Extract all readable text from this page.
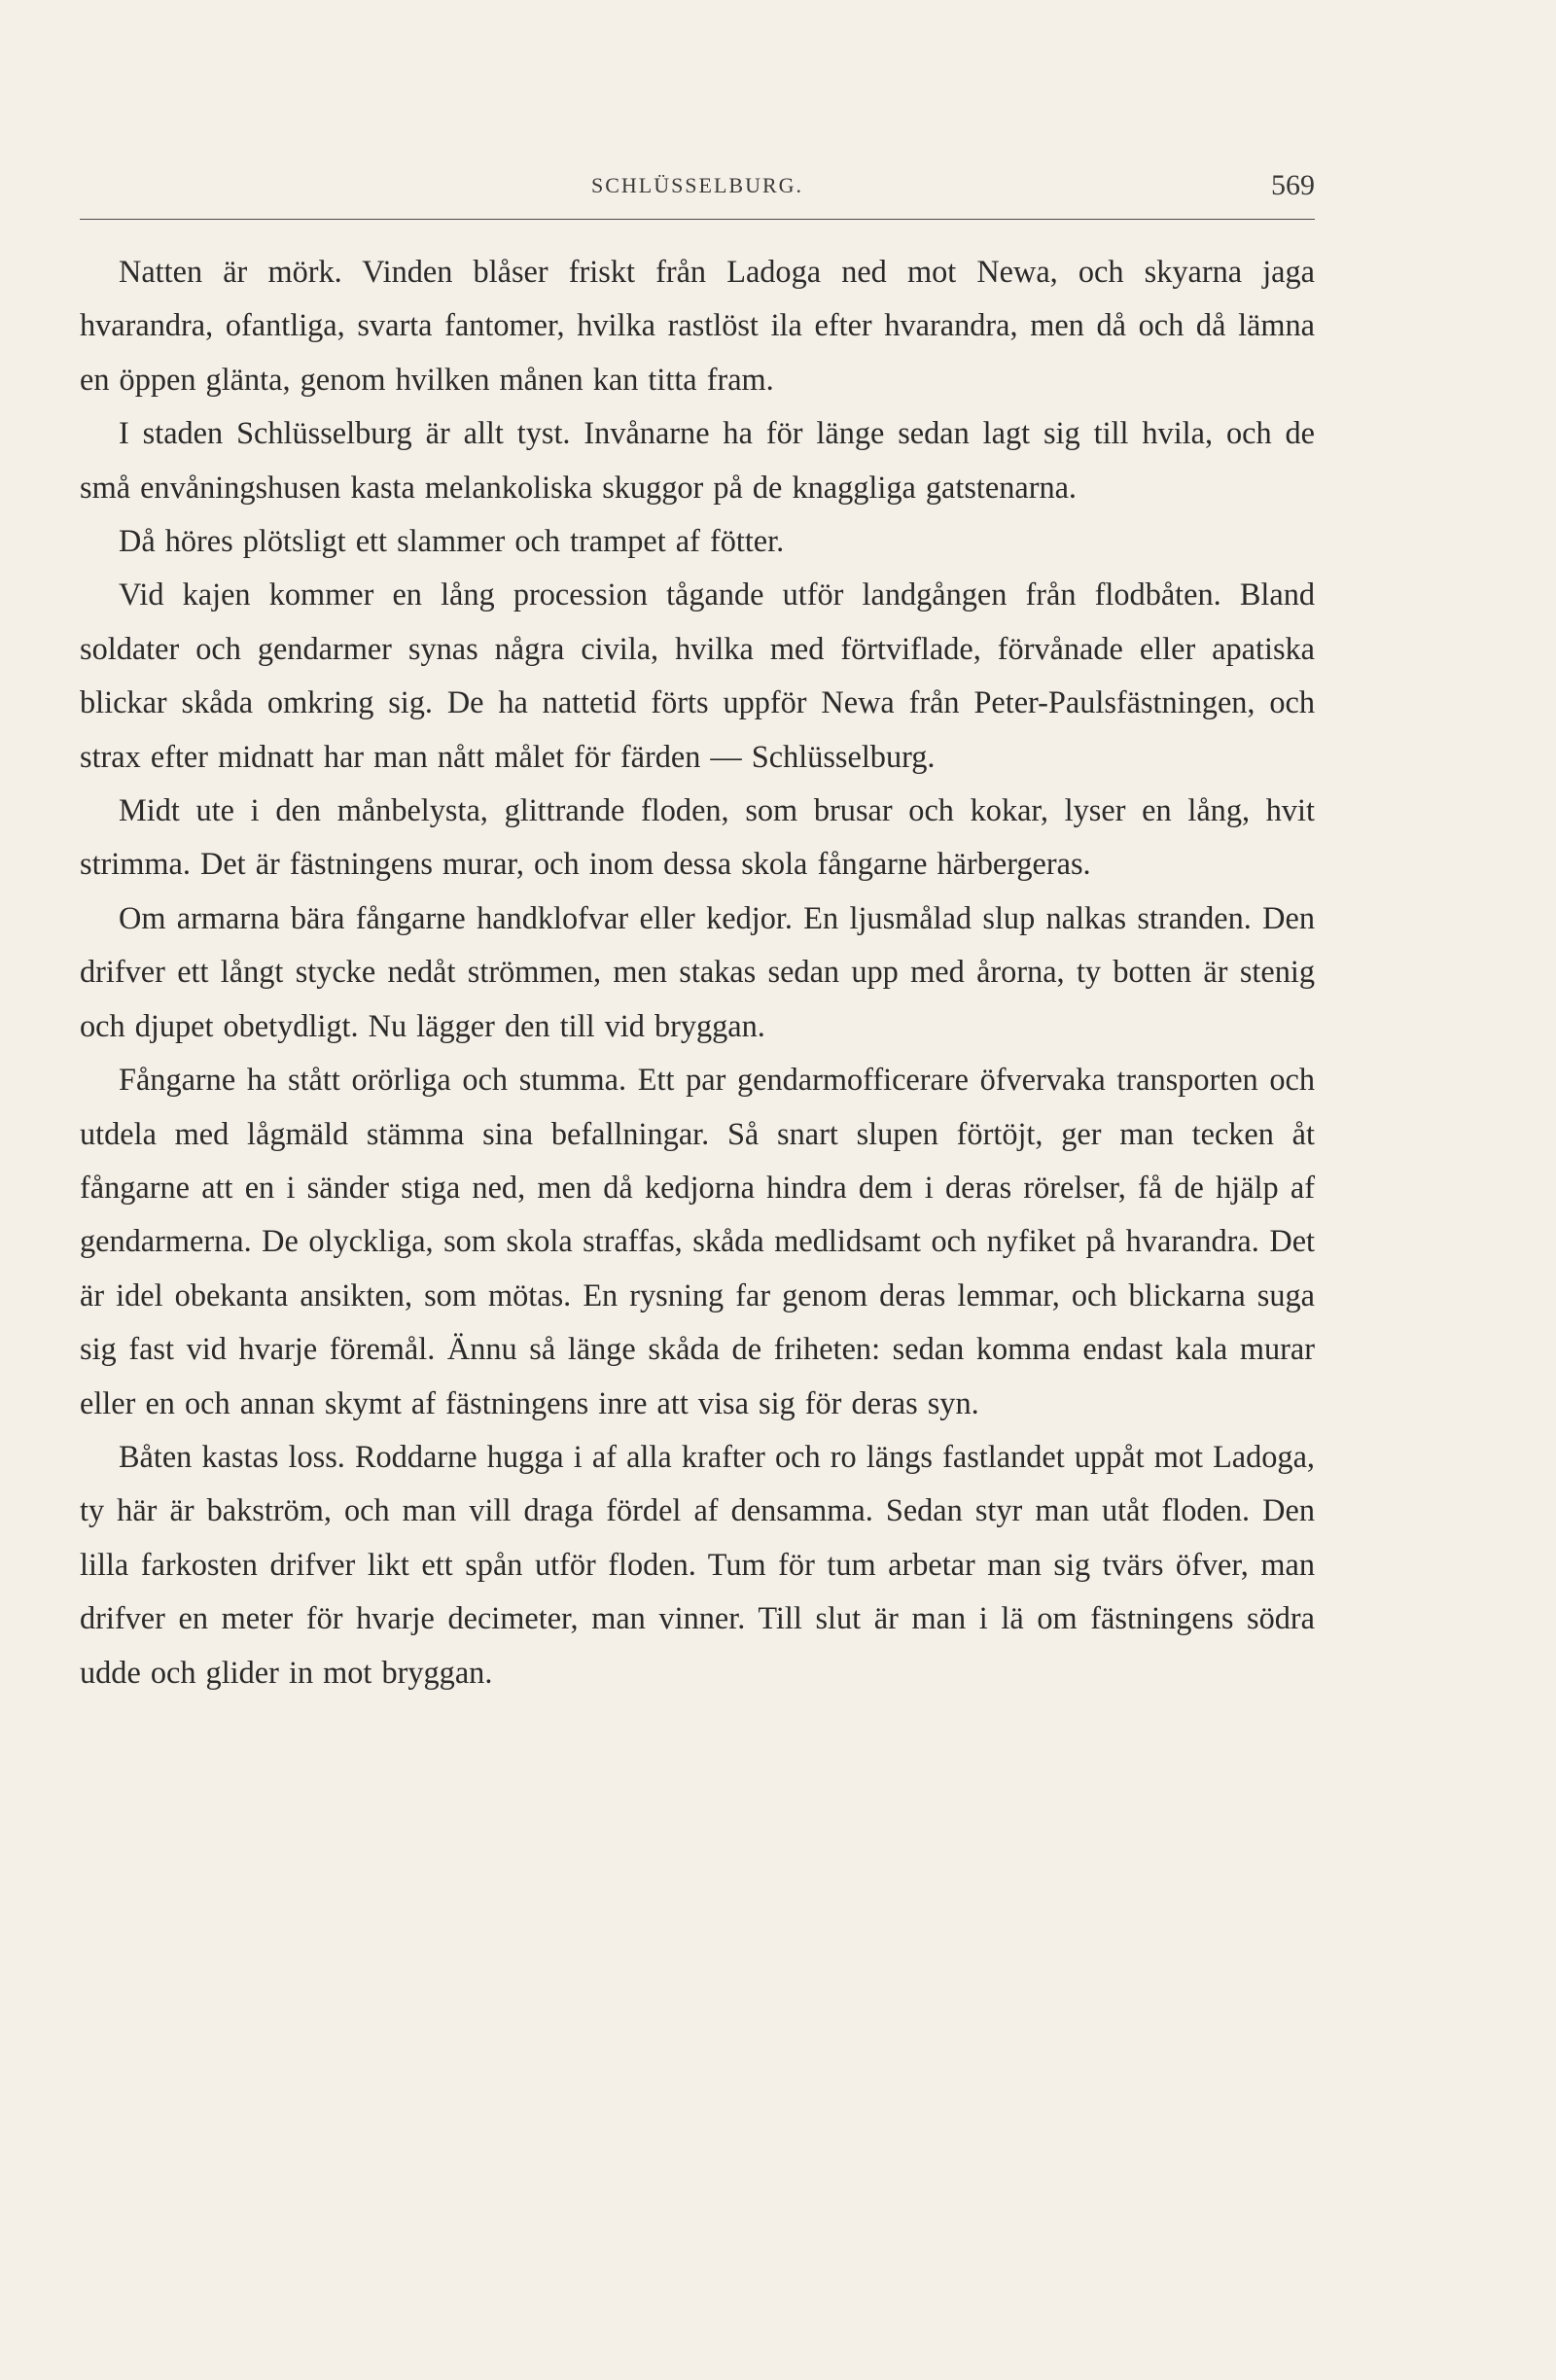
SCHLÜSSELBURG.	569

Natten är mörk. Vinden blåser friskt från Ladoga ned mot Newa, och skyarna jaga hvarandra, ofantliga, svarta fantomer, hvilka rastlöst ila efter hvarandra, men då och då lämna en öppen glänta, genom hvilken månen kan titta fram.

I staden Schlüsselburg är allt tyst. Invånarne ha för länge sedan lagt sig till hvila, och de små envåningshusen kasta melankoliska skuggor på de knaggliga gatstenarna.

Då höres plötsligt ett slammer och trampet af fötter.

Vid kajen kommer en lång procession tågande utför landgången från flodbåten. Bland soldater och gendarmer synas några civila, hvilka med förtviflade, förvånade eller apatiska blickar skåda omkring sig. De ha nattetid förts uppför Newa från Peter-Paulsfästningen, och strax efter midnatt har man nått målet för färden — Schlüsselburg.

Midt ute i den månbelysta, glittrande floden, som brusar och kokar, lyser en lång, hvit strimma. Det är fästningens murar, och inom dessa skola fångarne härbergeras.

Om armarna bära fångarne handklofvar eller kedjor. En ljusmålad slup nalkas stranden. Den drifver ett långt stycke nedåt strömmen, men stakas sedan upp med årorna, ty botten är stenig och djupet obetydligt. Nu lägger den till vid bryggan.

Fångarne ha stått orörliga och stumma. Ett par gendarmofficerare öfvervaka transporten och utdela med lågmäld stämma sina befallningar. Så snart slupen förtöjt, ger man tecken åt fångarne att en i sänder stiga ned, men då kedjorna hindra dem i deras rörelser, få de hjälp af gendarmerna. De olyckliga, som skola straffas, skåda medlidsamt och nyfiket på hvarandra. Det är idel obekanta ansikten, som mötas. En rysning far genom deras lemmar, och blickarna suga sig fast vid hvarje föremål. Ännu så länge skåda de friheten: sedan komma endast kala murar eller en och annan skymt af fästningens inre att visa sig för deras syn.

Båten kastas loss. Roddarne hugga i af alla krafter och ro längs fastlandet uppåt mot Ladoga, ty här är bakström, och man vill draga fördel af densamma. Sedan styr man utåt floden. Den lilla farkosten drifver likt ett spån utför floden. Tum för tum arbetar man sig tvärs öfver, man drifver en meter för hvarje decimeter, man vinner. Till slut är man i lä om fästningens södra udde och glider in mot bryggan.
